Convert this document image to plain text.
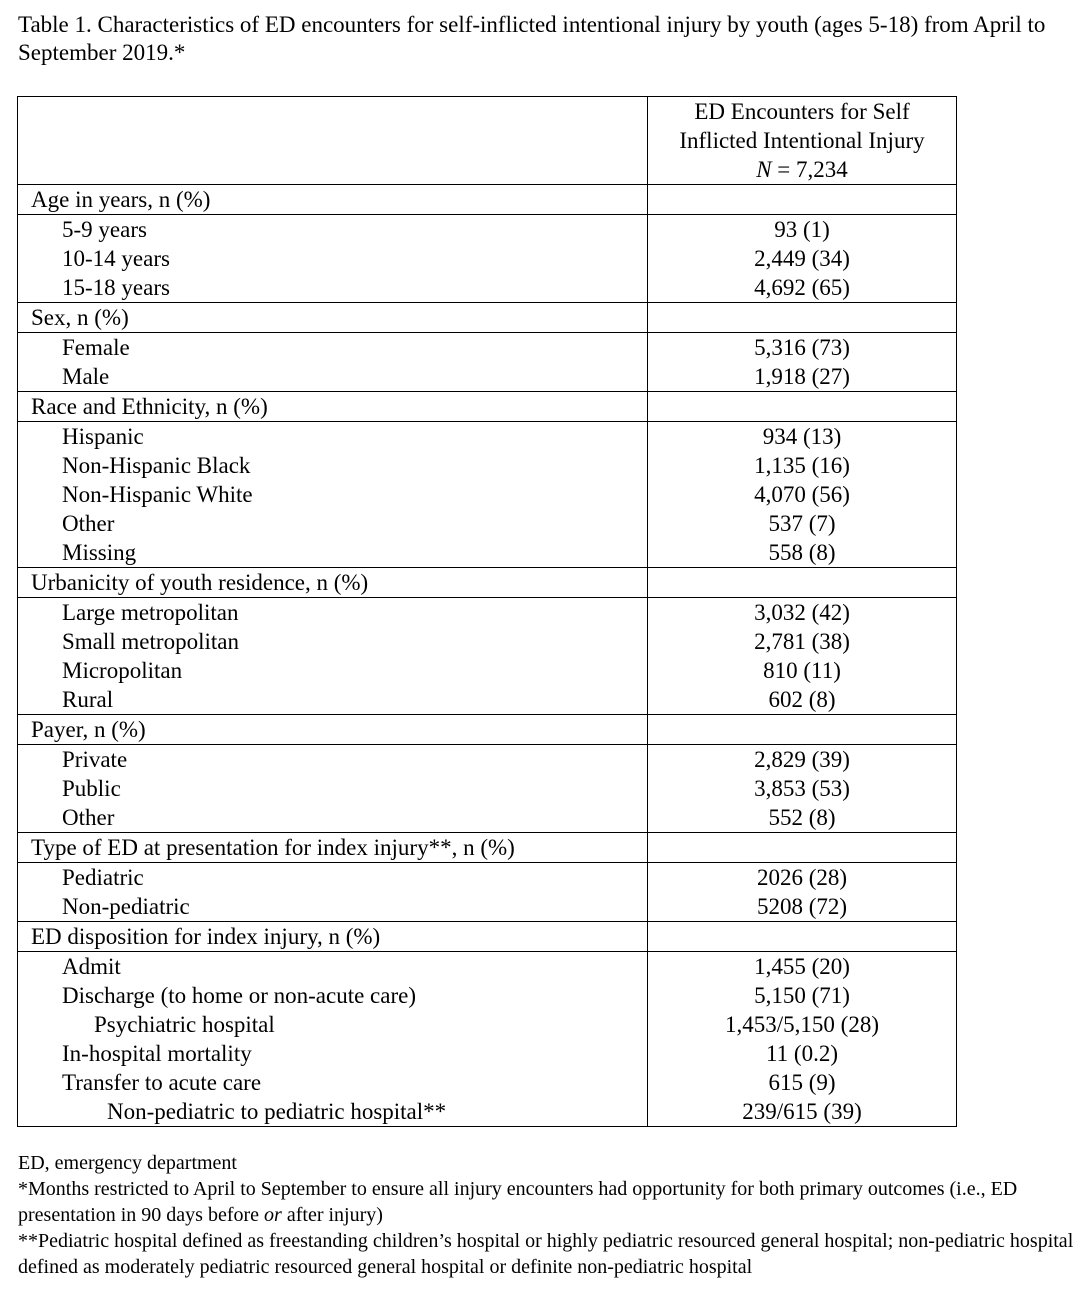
Table 1. Characteristics of ED encounters for self-inflicted intentional injury by youth (ages 5-18) from April to September 2019.*

	ED Encounters for Self
Inflicted Intentional Injury
N = 7,234
Age in years, n (%)	
5-9 years	93 (1)
10-14 years	2,449 (34)
15-18 years	4,692 (65)
Sex, n (%)	
Female	5,316 (73)
Male	1,918 (27)
Race and Ethnicity, n (%)	
Hispanic	934 (13)
Non-Hispanic Black	1,135 (16)
Non-Hispanic White	4,070 (56)
Other	537 (7)
Missing	558 (8)
Urbanicity of youth residence, n (%)	
Large metropolitan	3,032 (42)
Small metropolitan	2,781 (38)
Micropolitan	810 (11)
Rural	602 (8)
Payer, n (%)	
Private	2,829 (39)
Public	3,853 (53)
Other	552 (8)
Type of ED at presentation for index injury**, n (%)	
Pediatric	2026 (28)
Non-pediatric	5208 (72)
ED disposition for index injury, n (%)	
Admit	1,455 (20)
Discharge (to home or non-acute care)	5,150 (71)
Psychiatric hospital	1,453/5,150 (28)
In-hospital mortality	11 (0.2)
Transfer to acute care	615 (9)
Non-pediatric to pediatric hospital**	239/615 (39)

ED, emergency department

*Months restricted to April to September to ensure all injury encounters had opportunity for both primary outcomes (i.e., ED presentation in 90 days before or after injury)

**Pediatric hospital defined as freestanding children’s hospital or highly pediatric resourced general hospital; non-pediatric hospital defined as moderately pediatric resourced general hospital or definite non-pediatric hospital
